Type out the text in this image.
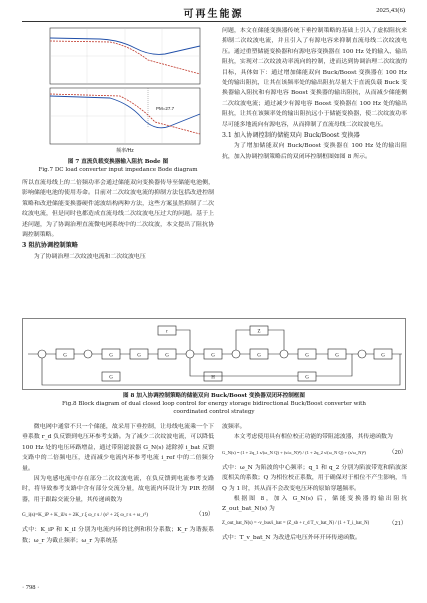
可再生能源	2025,43(6)
PM=27.7
频率/Hz
图 7 直流负载变换器输入阻抗 Bode 图
Fig.7 DC load converter input impedance Bode diagram

所以直流母线上的二倍频功率会通过储能双向变换器传导至储能电池侧，影响储能电池的使用寿命。目前对二次纹波电流的抑制方法包括改进控制策略和改进储能变换器硬件滤波结构两种方法，这些方案虽然抑制了二次纹波电流，但是同时也都造成直流母线二次纹波电压过大的问题。基于上述问题，为了协调治理直流微电网系统中的二次纹波，本文提出了阻抗协调控制策略。

3 阻抗协调控制策略

为了协调治理二次纹波电流和二次纹波电压

问题，本文在储能变换器传统下垂控制策略的基础上引入了虚拟阻抗来抑制二次纹波电流，并且引入了有源电容来抑制直流母线二次纹波电压。通过重塑储能变换器和有源电容变换器在 100 Hz 处的输入、输出阻抗，实现对二次纹波功率流向的控制，进而达到协调治理二次纹波的目标，具体如下：通过增加储能双向 Buck/Boost 变换器在 100 Hz 处的输出阻抗，让其在该频率处的输出阻抗尽量大于直流负载 Buck 变换器输入阻抗和有源电容 Boost 变换器的输出阻抗，从而减少储能侧二次纹波电流；通过减少有源电容 Boost 变换器在 100 Hz 处的输出阻抗，让其在该频率处的输出阻抗远小于储能变换器，使二次纹波功率尽可能多地流向有源电容，从而抑制了直流母线二次纹波电压。

3.1 加入协调控制的储能双向 Buck/Boost 变换器

为了增加储能双向 Buck/Boost 变换器在 100 Hz 处的输出阻抗，加入协调控制策略后的双闭环控制框图如图 8 所示。

G	G	G	G	G	G	G	G	G
r	Z
G	H	G
图 8 加入协调控制策略的储能双向 Buck/Boost 变换器双闭环控制框图
Fig.8 Block diagram of dual closed loop control for energy storage bidirectional Buck/Boost converter with
coordinated control strategy

微电网中通常不只一个储能，故采用下垂控制，让母线电流乘一个下垂系数 r_d 负反馈到电压环参考支路。为了减少二次纹波电流，可以降低 100 Hz 处的电压环路增益，通过带阻滤波器 G_N(s) 滤除掉 i_bat 反馈支路中的二倍频电压，进而减少电流内环参考电流 i_ref 中的二倍频分量。

因为电感电流中存在部分二次纹波电流，在负反馈到电流参考支路时，将导致参考支路中含有部分交流分量，故电流内环设计为 PIR 控制器，用于跟踪交流分量，其传递函数为

G_i(s)=K_iP + K_iI/s + 2K_r ξ ω_r s / (s² + 2ξ ω_r s + ω_r²)	（19）

式中：K_iP 和 K_iI 分别为电流内环的比例和积分系数；K_r 为谐振系数；ω_r 为截止频率；ω_r 为系统基

波频率。

本文考虑使用具有相位校正功能的带阻滤波器，其传递函数为

G_N(s) = (1 + 2q_1 s/(ω_N Q) + (s/ω_N)²) / (1 + 2q_2 s/(ω_N Q) + (s/ω_N)²)	（20）

式中：ω_N 为陷波的中心频率；q_1 和 q_2 分别为陷波带宽和陷波深度相关的系数；Q 为相位校正系数，用于确保对于相位不产生影响，当 Q 为 1 时，其从而不会改变电压环的原始穿越频率。

根据图 8，加入 G_N(s) 后，储能变换器的输出阻抗 Z_out_bat_N(s) 为

Z_out_bat_N(s) = -v_bus/i_bat = (Z_sb + r_d T_v_bat_N) / (1 + T_i_bat_N)	（21）

式中：T_v_bat_N 为改进后电压外环开环传递函数。

· 798 ·
